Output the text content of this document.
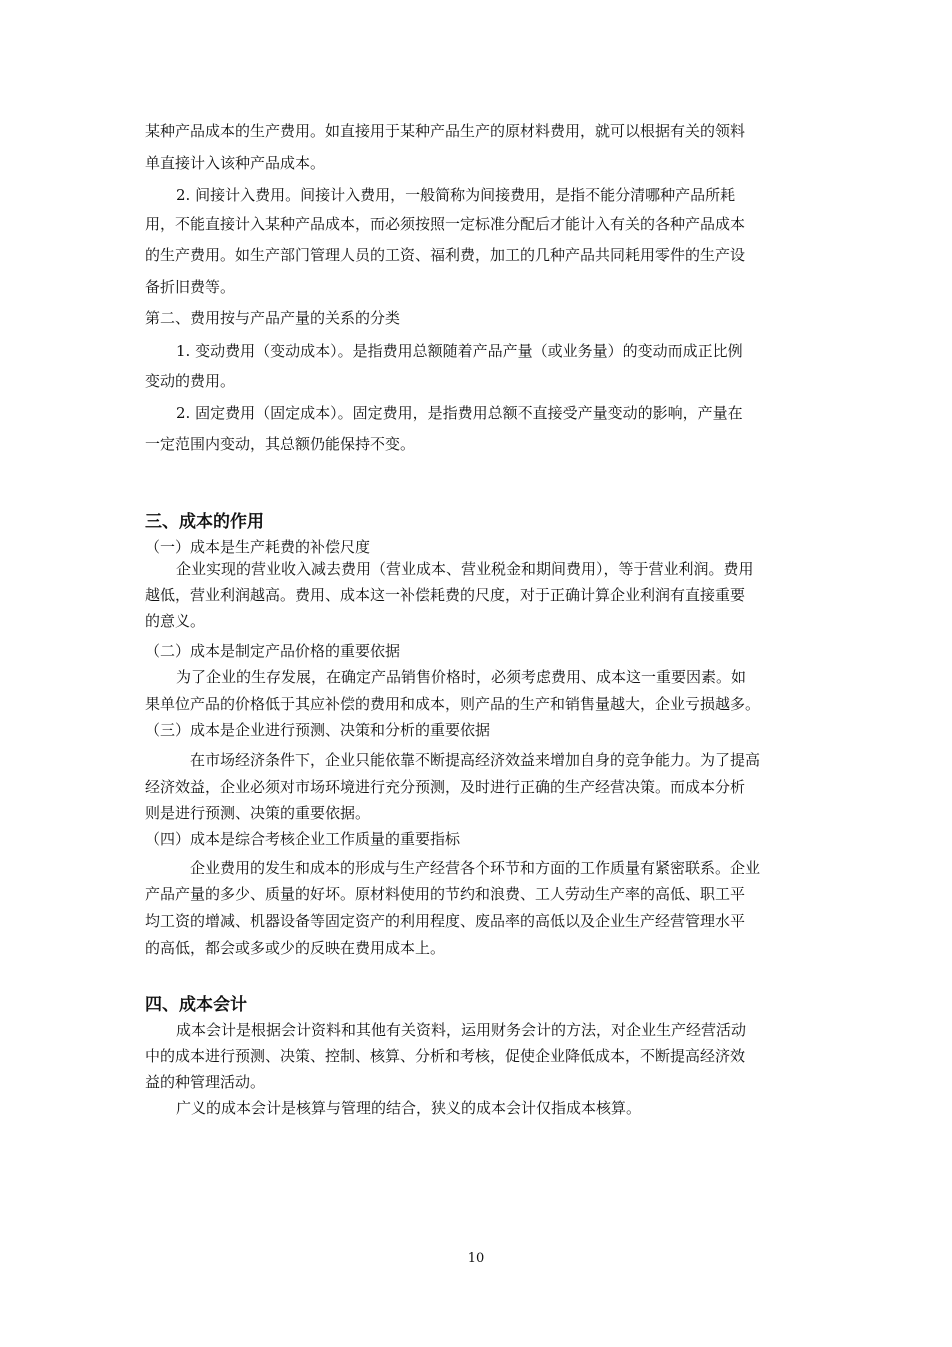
某种产品成本的生产费用。如直接用于某种产品生产的原材料费用，就可以根据有关的领料
单直接计入该种产品成本。
2. 间接计入费用。间接计入费用，一般简称为间接费用，是指不能分清哪种产品所耗
用，不能直接计入某种产品成本，而必须按照一定标准分配后才能计入有关的各种产品成本
的生产费用。如生产部门管理人员的工资、福利费，加工的几种产品共同耗用零件的生产设
备折旧费等。
第二、费用按与产品产量的关系的分类
1. 变动费用（变动成本）。是指费用总额随着产品产量（或业务量）的变动而成正比例
变动的费用。
2. 固定费用（固定成本）。固定费用，是指费用总额不直接受产量变动的影响，产量在
一定范围内变动，其总额仍能保持不变。
三、成本的作用
（一）成本是生产耗费的补偿尺度
企业实现的营业收入减去费用（营业成本、营业税金和期间费用），等于营业利润。费用
越低，营业利润越高。费用、成本这一补偿耗费的尺度，对于正确计算企业利润有直接重要
的意义。
（二）成本是制定产品价格的重要依据
为了企业的生存发展，在确定产品销售价格时，必须考虑费用、成本这一重要因素。如
果单位产品的价格低于其应补偿的费用和成本，则产品的生产和销售量越大，企业亏损越多。
（三）成本是企业进行预测、决策和分析的重要依据
在市场经济条件下，企业只能依靠不断提高经济效益来增加自身的竞争能力。为了提高
经济效益，企业必须对市场环境进行充分预测，及时进行正确的生产经营决策。而成本分析
则是进行预测、决策的重要依据。
（四）成本是综合考核企业工作质量的重要指标
企业费用的发生和成本的形成与生产经营各个环节和方面的工作质量有紧密联系。企业
产品产量的多少、质量的好坏。原材料使用的节约和浪费、工人劳动生产率的高低、职工平
均工资的增减、机器设备等固定资产的利用程度、废品率的高低以及企业生产经营管理水平
的高低，都会或多或少的反映在费用成本上。
四、成本会计
成本会计是根据会计资料和其他有关资料，运用财务会计的方法，对企业生产经营活动
中的成本进行预测、决策、控制、核算、分析和考核，促使企业降低成本，不断提高经济效
益的种管理活动。
广义的成本会计是核算与管理的结合，狭义的成本会计仅指成本核算。
10
